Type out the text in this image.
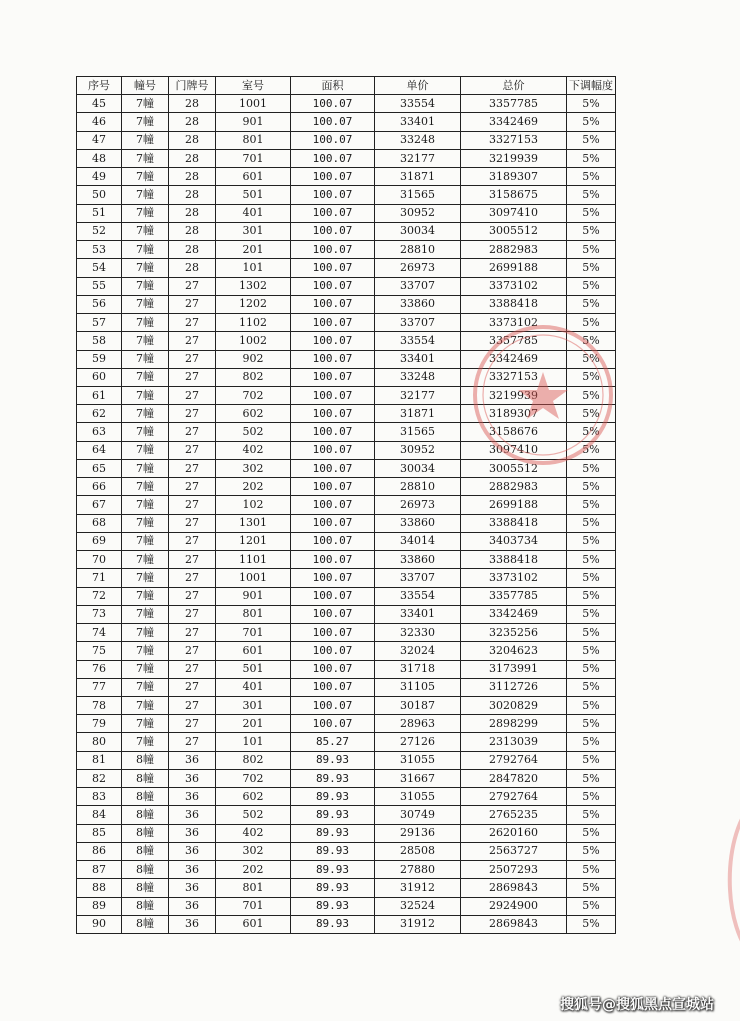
序号	幢号	门牌号	室号	面积	单价	总价	下调幅度
45	7幢	28	1001	100.07	33554	3357785	5%
46	7幢	28	901	100.07	33401	3342469	5%
47	7幢	28	801	100.07	33248	3327153	5%
48	7幢	28	701	100.07	32177	3219939	5%
49	7幢	28	601	100.07	31871	3189307	5%
50	7幢	28	501	100.07	31565	3158675	5%
51	7幢	28	401	100.07	30952	3097410	5%
52	7幢	28	301	100.07	30034	3005512	5%
53	7幢	28	201	100.07	28810	2882983	5%
54	7幢	28	101	100.07	26973	2699188	5%
55	7幢	27	1302	100.07	33707	3373102	5%
56	7幢	27	1202	100.07	33860	3388418	5%
57	7幢	27	1102	100.07	33707	3373102	5%
58	7幢	27	1002	100.07	33554	3357785	5%
59	7幢	27	902	100.07	33401	3342469	5%
60	7幢	27	802	100.07	33248	3327153	5%
61	7幢	27	702	100.07	32177	3219939	5%
62	7幢	27	602	100.07	31871	3189307	5%
63	7幢	27	502	100.07	31565	3158676	5%
64	7幢	27	402	100.07	30952	3097410	5%
65	7幢	27	302	100.07	30034	3005512	5%
66	7幢	27	202	100.07	28810	2882983	5%
67	7幢	27	102	100.07	26973	2699188	5%
68	7幢	27	1301	100.07	33860	3388418	5%
69	7幢	27	1201	100.07	34014	3403734	5%
70	7幢	27	1101	100.07	33860	3388418	5%
71	7幢	27	1001	100.07	33707	3373102	5%
72	7幢	27	901	100.07	33554	3357785	5%
73	7幢	27	801	100.07	33401	3342469	5%
74	7幢	27	701	100.07	32330	3235256	5%
75	7幢	27	601	100.07	32024	3204623	5%
76	7幢	27	501	100.07	31718	3173991	5%
77	7幢	27	401	100.07	31105	3112726	5%
78	7幢	27	301	100.07	30187	3020829	5%
79	7幢	27	201	100.07	28963	2898299	5%
80	7幢	27	101	85.27	27126	2313039	5%
81	8幢	36	802	89.93	31055	2792764	5%
82	8幢	36	702	89.93	31667	2847820	5%
83	8幢	36	602	89.93	31055	2792764	5%
84	8幢	36	502	89.93	30749	2765235	5%
85	8幢	36	402	89.93	29136	2620160	5%
86	8幢	36	302	89.93	28508	2563727	5%
87	8幢	36	202	89.93	27880	2507293	5%
88	8幢	36	801	89.93	31912	2869843	5%
89	8幢	36	701	89.93	32524	2924900	5%
90	8幢	36	601	89.93	31912	2869843	5%
搜狐号@搜狐黑点宣城站
